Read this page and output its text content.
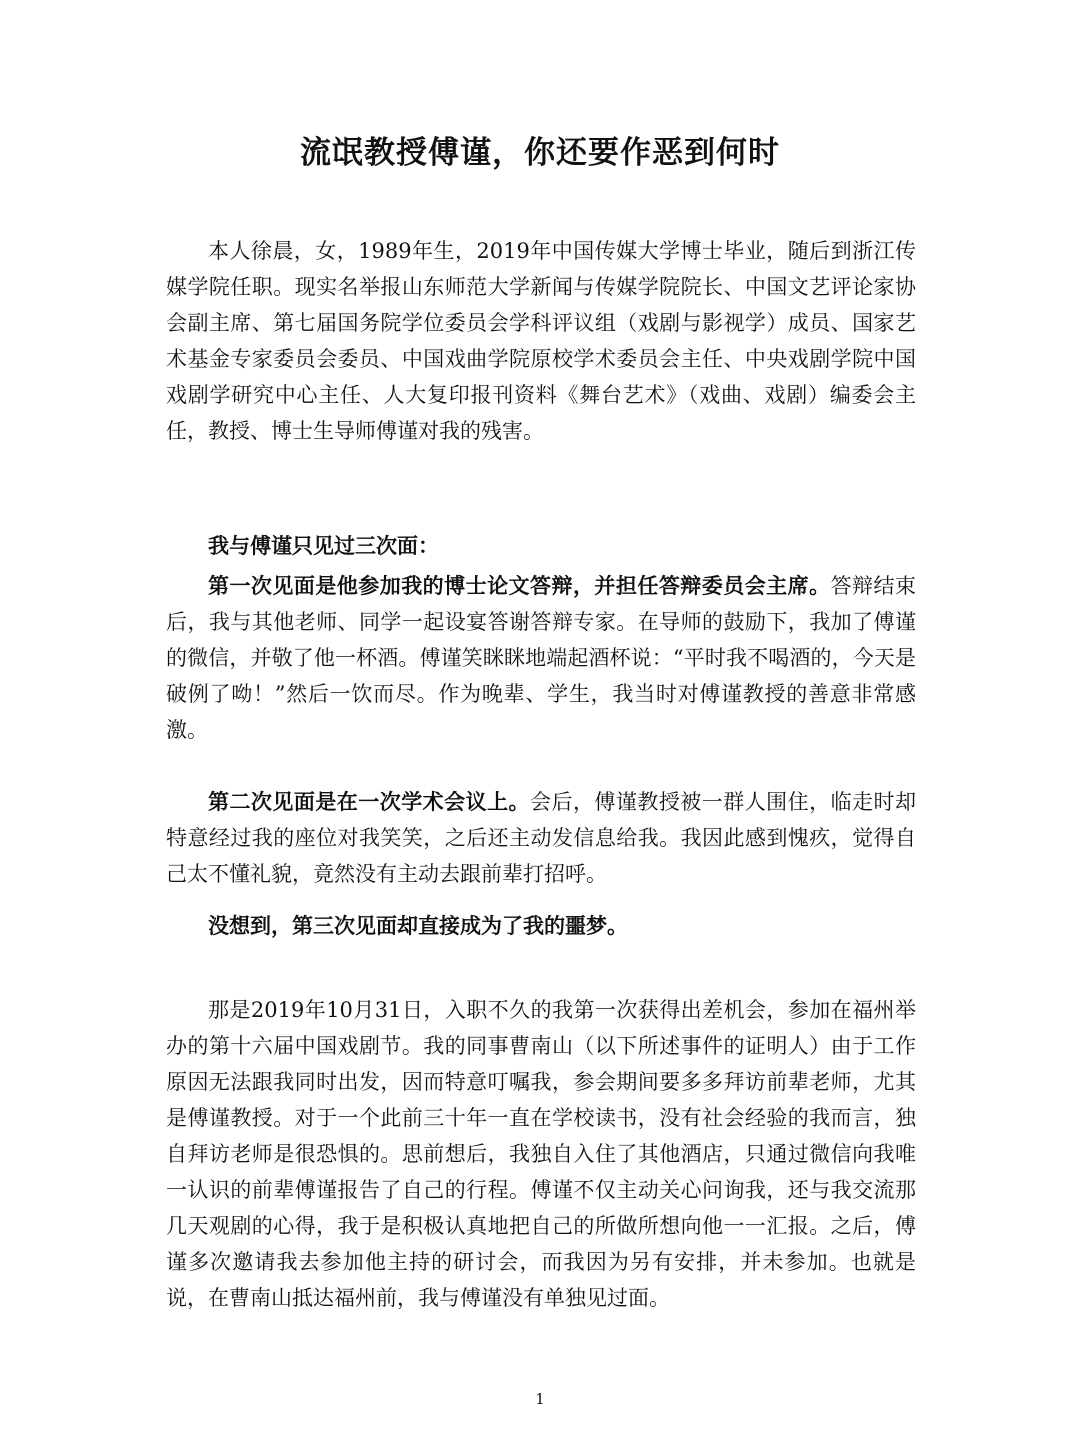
流氓教授傅谨，你还要作恶到何时

本人徐晨，女，1989年生，2019年中国传媒大学博士毕业，随后到浙江传媒学院任职。现实名举报山东师范大学新闻与传媒学院院长、中国文艺评论家协会副主席、第七届国务院学位委员会学科评议组（戏剧与影视学）成员、国家艺术基金专家委员会委员、中国戏曲学院原校学术委员会主任、中央戏剧学院中国戏剧学研究中心主任、人大复印报刊资料《舞台艺术》（戏曲、戏剧）编委会主任，教授、博士生导师傅谨对我的残害。

我与傅谨只见过三次面：

第一次见面是他参加我的博士论文答辩，并担任答辩委员会主席。答辩结束后，我与其他老师、同学一起设宴答谢答辩专家。在导师的鼓励下，我加了傅谨的微信，并敬了他一杯酒。傅谨笑眯眯地端起酒杯说：“平时我不喝酒的，今天是破例了呦！”然后一饮而尽。作为晚辈、学生，我当时对傅谨教授的善意非常感激。

第二次见面是在一次学术会议上。会后，傅谨教授被一群人围住，临走时却特意经过我的座位对我笑笑，之后还主动发信息给我。我因此感到愧疚，觉得自己太不懂礼貌，竟然没有主动去跟前辈打招呼。

没想到，第三次见面却直接成为了我的噩梦。

那是2019年10月31日，入职不久的我第一次获得出差机会，参加在福州举办的第十六届中国戏剧节。我的同事曹南山（以下所述事件的证明人）由于工作原因无法跟我同时出发，因而特意叮嘱我，参会期间要多多拜访前辈老师，尤其是傅谨教授。对于一个此前三十年一直在学校读书，没有社会经验的我而言，独自拜访老师是很恐惧的。思前想后，我独自入住了其他酒店，只通过微信向我唯一认识的前辈傅谨报告了自己的行程。傅谨不仅主动关心问询我，还与我交流那几天观剧的心得，我于是积极认真地把自己的所做所想向他一一汇报。之后，傅谨多次邀请我去参加他主持的研讨会，而我因为另有安排，并未参加。也就是说，在曹南山抵达福州前，我与傅谨没有单独见过面。

1
